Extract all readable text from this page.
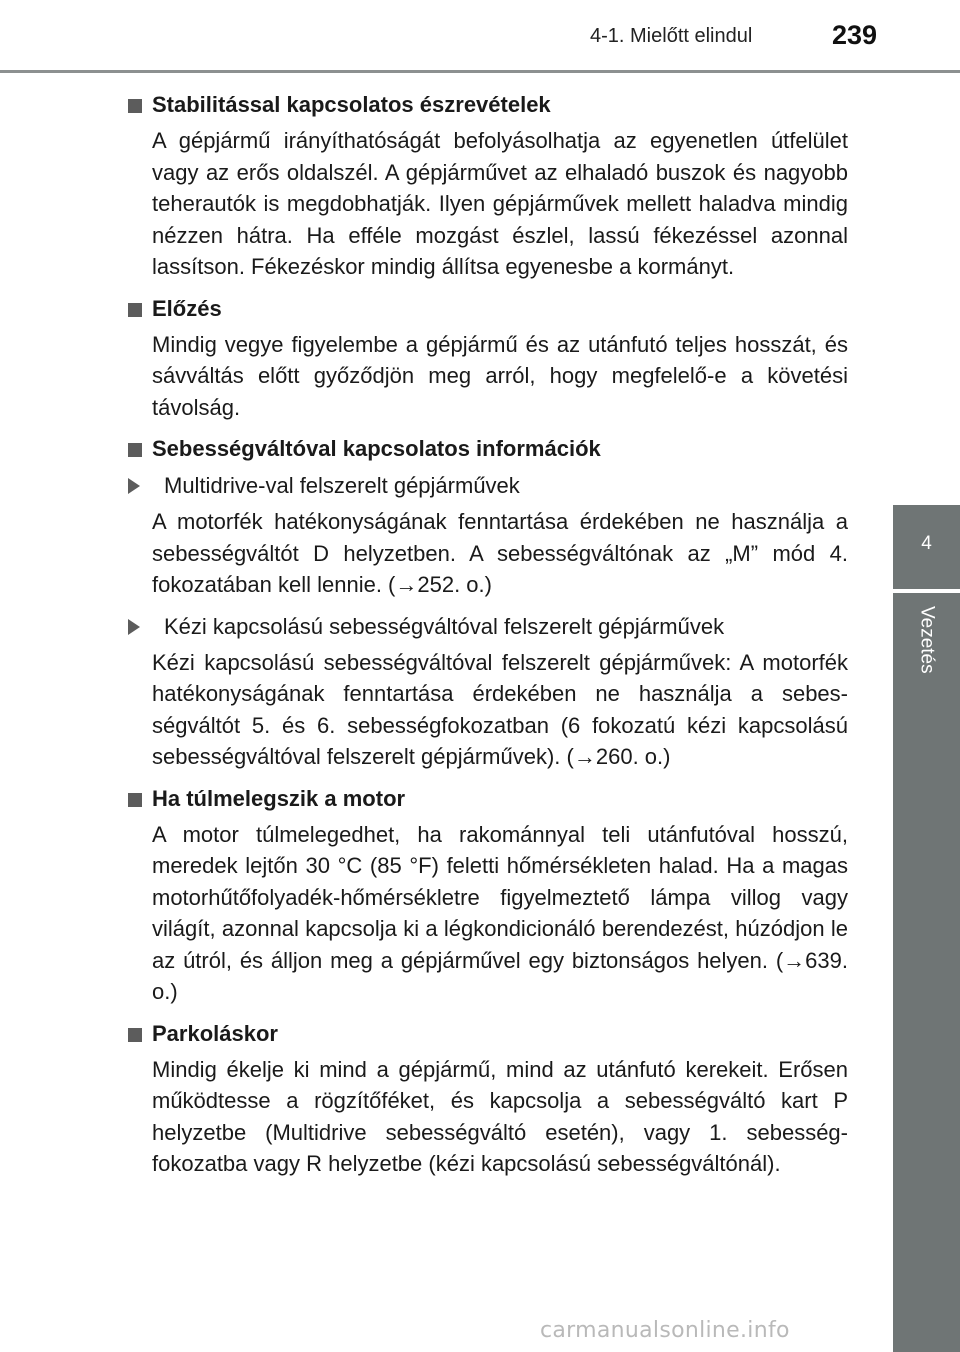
4-1. Mielőtt elindul	239
4
Vezetés
Stabilitással kapcsolatos észrevételek

A gépjármű irányíthatóságát befolyásolhatja az egyenetlen útfelület vagy az erős oldalszél. A gépjárművet az elhaladó buszok és nagyobb teherautók is megdobhatják. Ilyen gépjárművek mellett haladva mindig nézzen hátra. Ha efféle mozgást észlel, lassú fékezéssel azonnal lassítson. Fékezéskor mindig állítsa egyenesbe a kormányt.

Előzés

Mindig vegye figyelembe a gépjármű és az utánfutó teljes hosszát, és sávváltás előtt győződjön meg arról, hogy megfelelő-e a követési távolság.

Sebességváltóval kapcsolatos információk
Multidrive-val felszerelt gépjárművek

A motorfék hatékonyságának fenntartása érdekében ne használja a sebességváltót D helyzetben. A sebességváltónak az „M” mód 4. fokozatában kell lennie. (→252. o.)

Kézi kapcsolású sebességváltóval felszerelt gépjárművek

Kézi kapcsolású sebességváltóval felszerelt gépjárművek: A motorfék hatékonyságának fenntartása érdekében ne használja a sebességváltót 5. és 6. sebességfokozatban (6 fokozatú kézi kapcsolású sebességváltóval felszerelt gépjárművek). (→260. o.)

Ha túlmelegszik a motor

A motor túlmelegedhet, ha rakománnyal teli utánfutóval hosszú, meredek lejtőn 30 °C (85 °F) feletti hőmérsékleten halad. Ha a magas motorhűtőfolyadék-hőmérsékletre figyelmeztető lámpa villog vagy világít, azonnal kapcsolja ki a légkondicionáló berendezést, húzódjon le az útról, és álljon meg a gépjárművel egy biztonságos helyen. (→639. o.)

Parkoláskor

Mindig ékelje ki mind a gépjármű, mind az utánfutó kerekeit. Erősen működtesse a rögzítőféket, és kapcsolja a sebességváltó kart P helyzetbe (Multidrive sebességváltó esetén), vagy 1. sebességfokozatba vagy R helyzetbe (kézi kapcsolású sebességváltónál).

carmanualsonline.info
